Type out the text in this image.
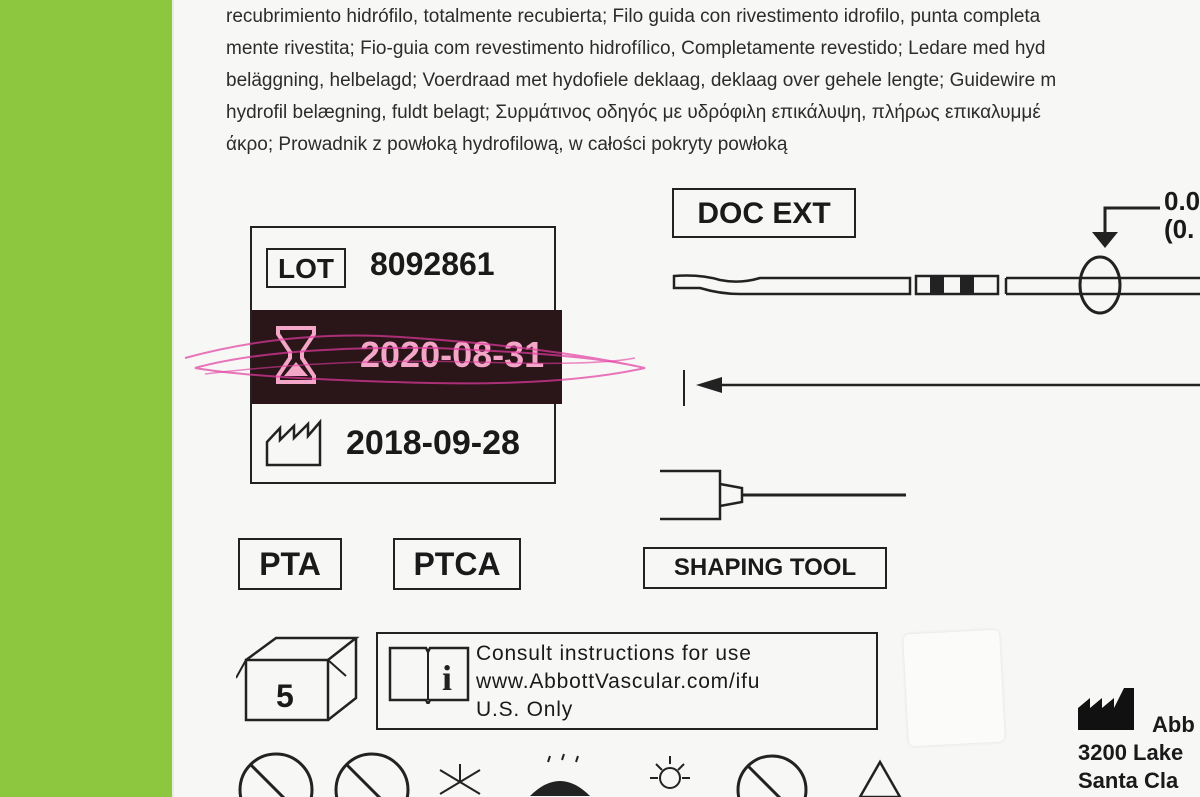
recubrimiento hidrófilo, totalmente recubierta; Filo guida con rivestimento idrofilo, punta completa
mente rivestita; Fio-guia com revestimento hidrofílico, Completamente revestido; Ledare med hyd
beläggning, helbelagd; Voerdraad met hydofiele deklaag, deklaag over gehele lengte; Guidewire m
hydrofil belægning, fuldt belagt; Συρμάτινος οδηγός με υδρόφιλη επικάλυψη, πλήρως επικαλυμμέ
άκρο; Prowadnik z powłoką hydrofilową, w całości pokryty powłoką
DOC EXT	0.0
(0.
LOT	8092861
2020-08-31
2018-09-28
PTA	PTCA	SHAPING TOOL
5	i
Consult instructions for use
www.AbbottVascular.com/ifu
U.S. Only
Abb
3200 Lake
Santa Cla
